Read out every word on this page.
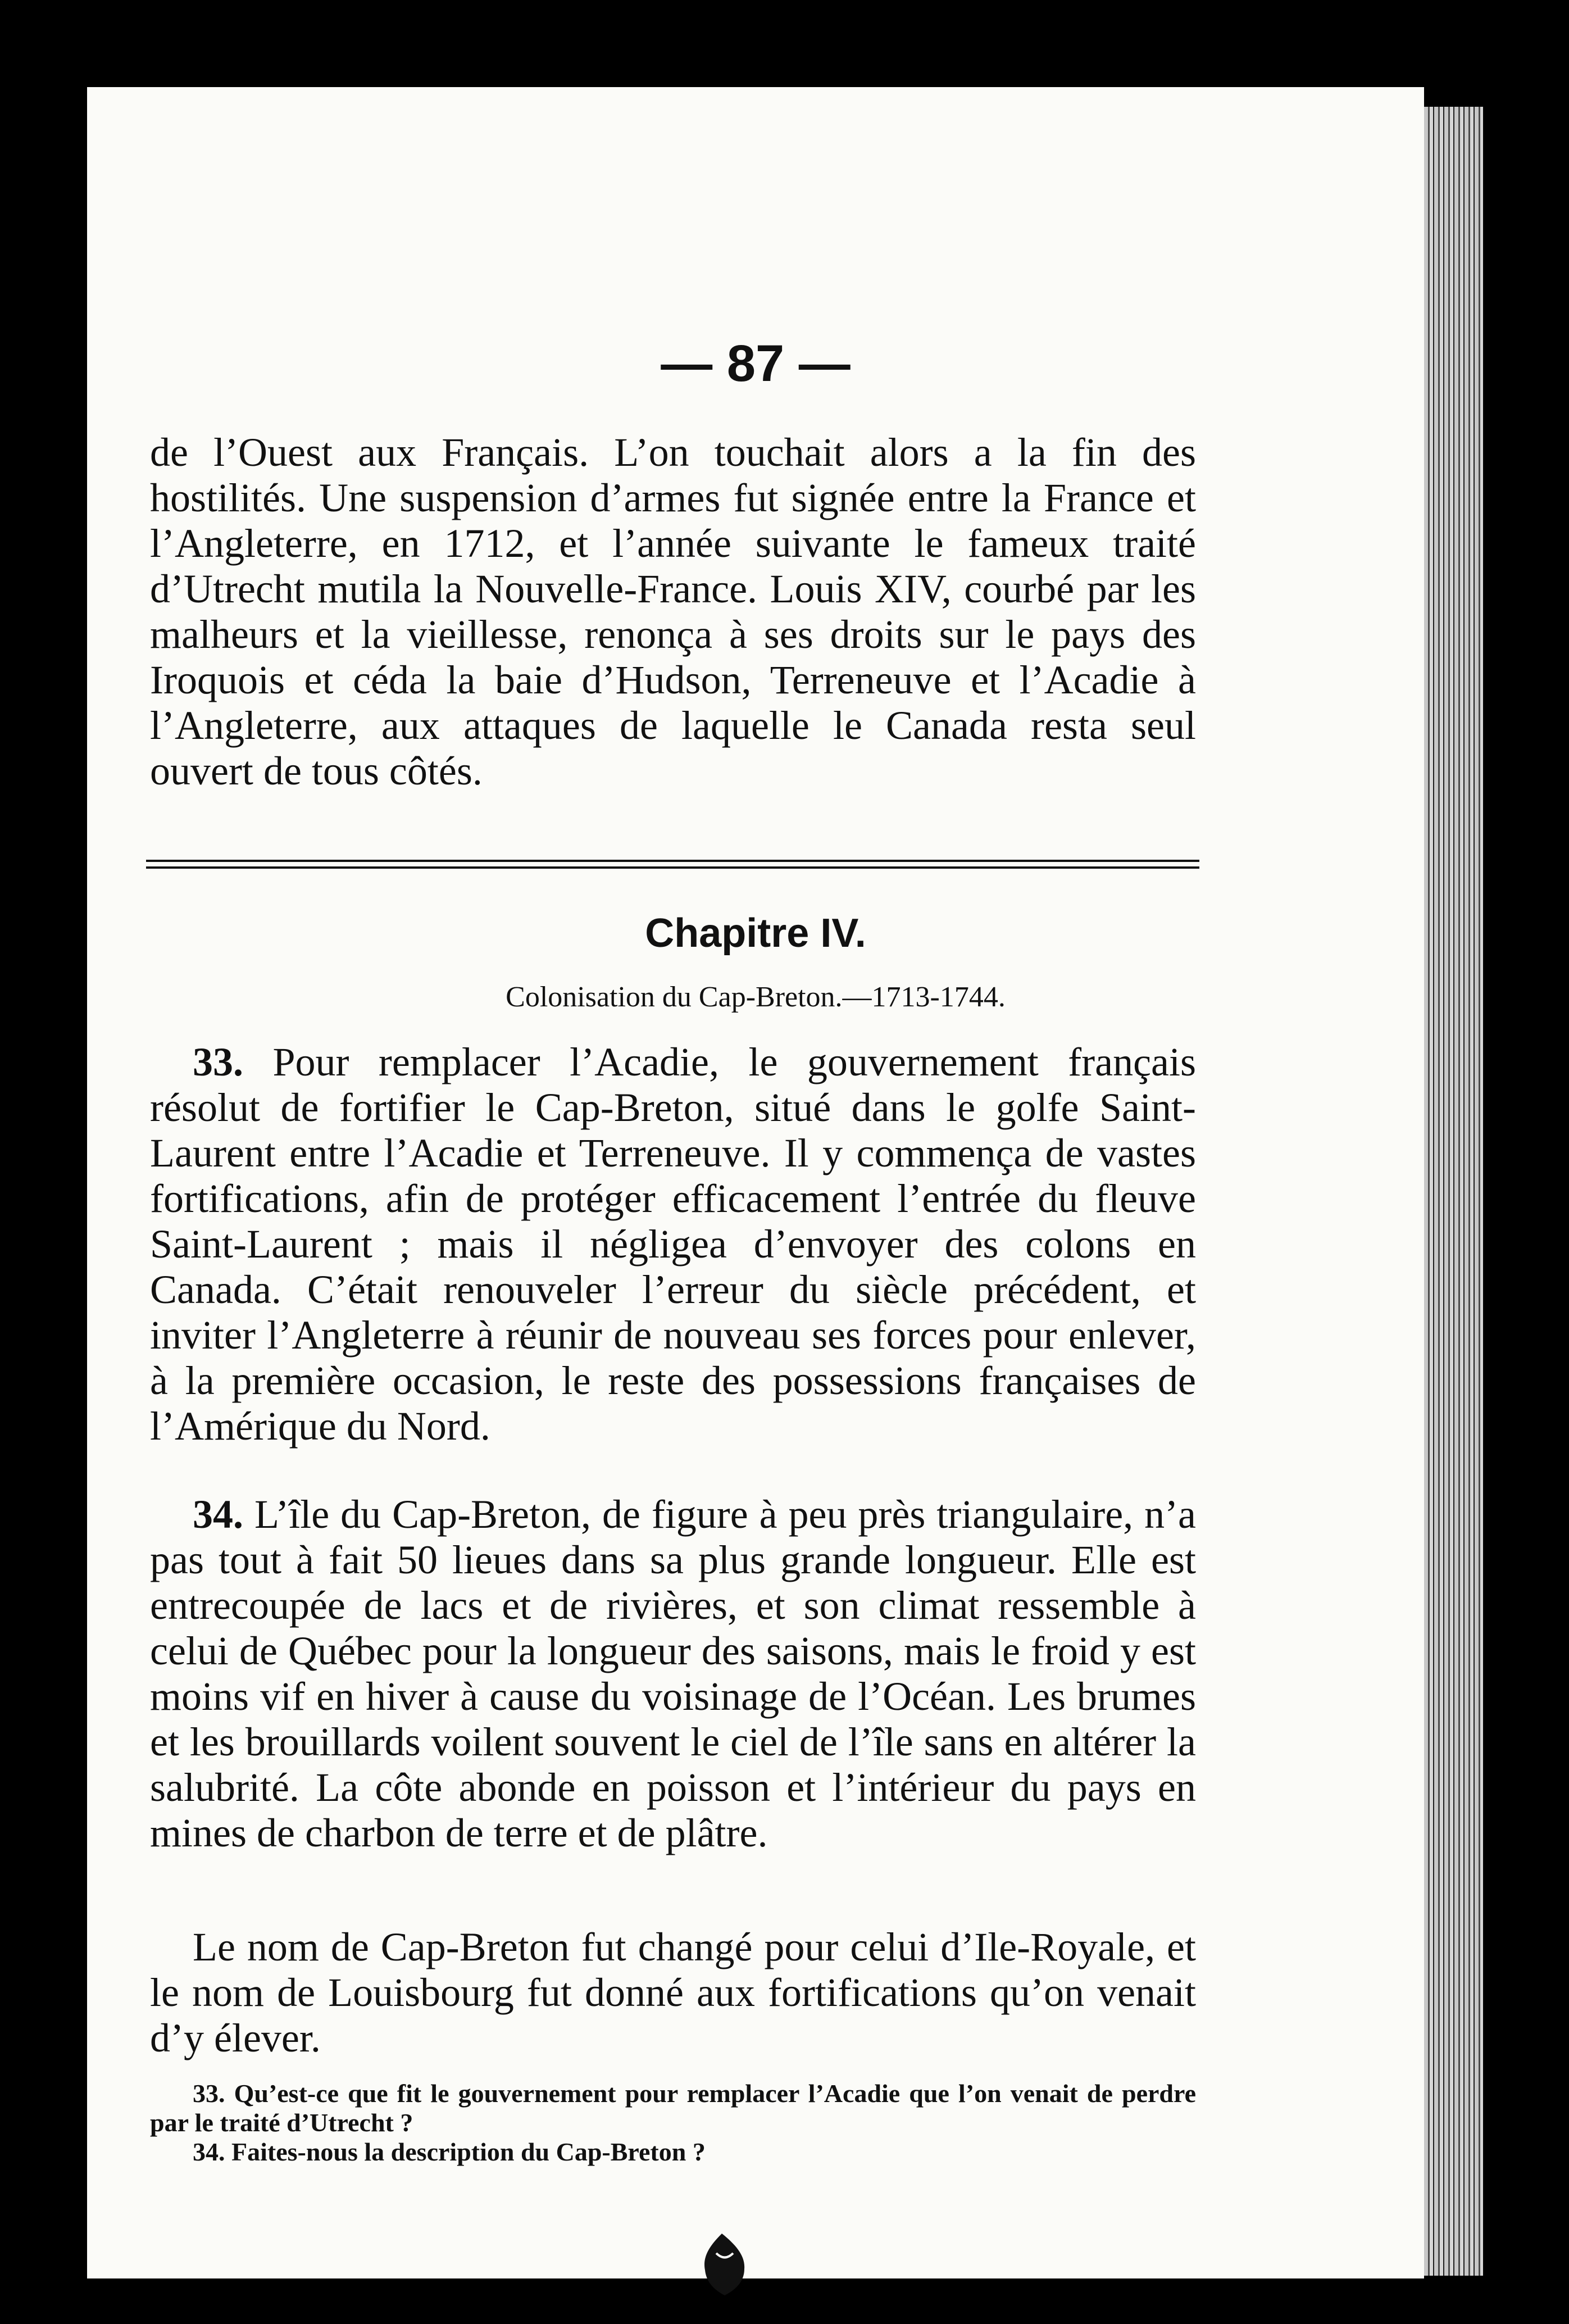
— 87 —

de l’Ouest aux Français. L’on touchait alors a la fin des hostilités. Une suspension d’armes fut signée entre la France et l’Angleterre, en 1712, et l’année suivante le fameux traité d’Utrecht mutila la Nouvelle-France. Louis XIV, courbé par les malheurs et la vieillesse, renonça à ses droits sur le pays des Iroquois et céda la baie d’Hudson, Terreneuve et l’Acadie à l’Angleterre, aux attaques de laquelle le Canada resta seul ouvert de tous côtés.

Chapitre IV.
Colonisation du Cap-Breton.—1713-1744.

33. Pour remplacer l’Acadie, le gouvernement français résolut de fortifier le Cap-Breton, situé dans le golfe Saint-Laurent entre l’Acadie et Terreneuve. Il y commença de vastes fortifications, afin de protéger efficacement l’entrée du fleuve Saint-Laurent ; mais il négligea d’envoyer des colons en Canada. C’était renouveler l’erreur du siècle précédent, et inviter l’Angleterre à réunir de nouveau ses forces pour enlever, à la première occasion, le reste des possessions françaises de l’Amérique du Nord.

34. L’île du Cap-Breton, de figure à peu près triangulaire, n’a pas tout à fait 50 lieues dans sa plus grande longueur. Elle est entrecoupée de lacs et de rivières, et son climat ressemble à celui de Québec pour la longueur des saisons, mais le froid y est moins vif en hiver à cause du voisinage de l’Océan. Les brumes et les brouillards voilent souvent le ciel de l’île sans en altérer la salubrité. La côte abonde en poisson et l’intérieur du pays en mines de charbon de terre et de plâtre.

Le nom de Cap-Breton fut changé pour celui d’Ile-Royale, et le nom de Louisbourg fut donné aux fortifications qu’on venait d’y élever.

33. Qu’est-ce que fit le gouvernement pour remplacer l’Acadie que l’on venait de perdre par le traité d’Utrecht ?

34. Faites-nous la description du Cap-Breton ?
